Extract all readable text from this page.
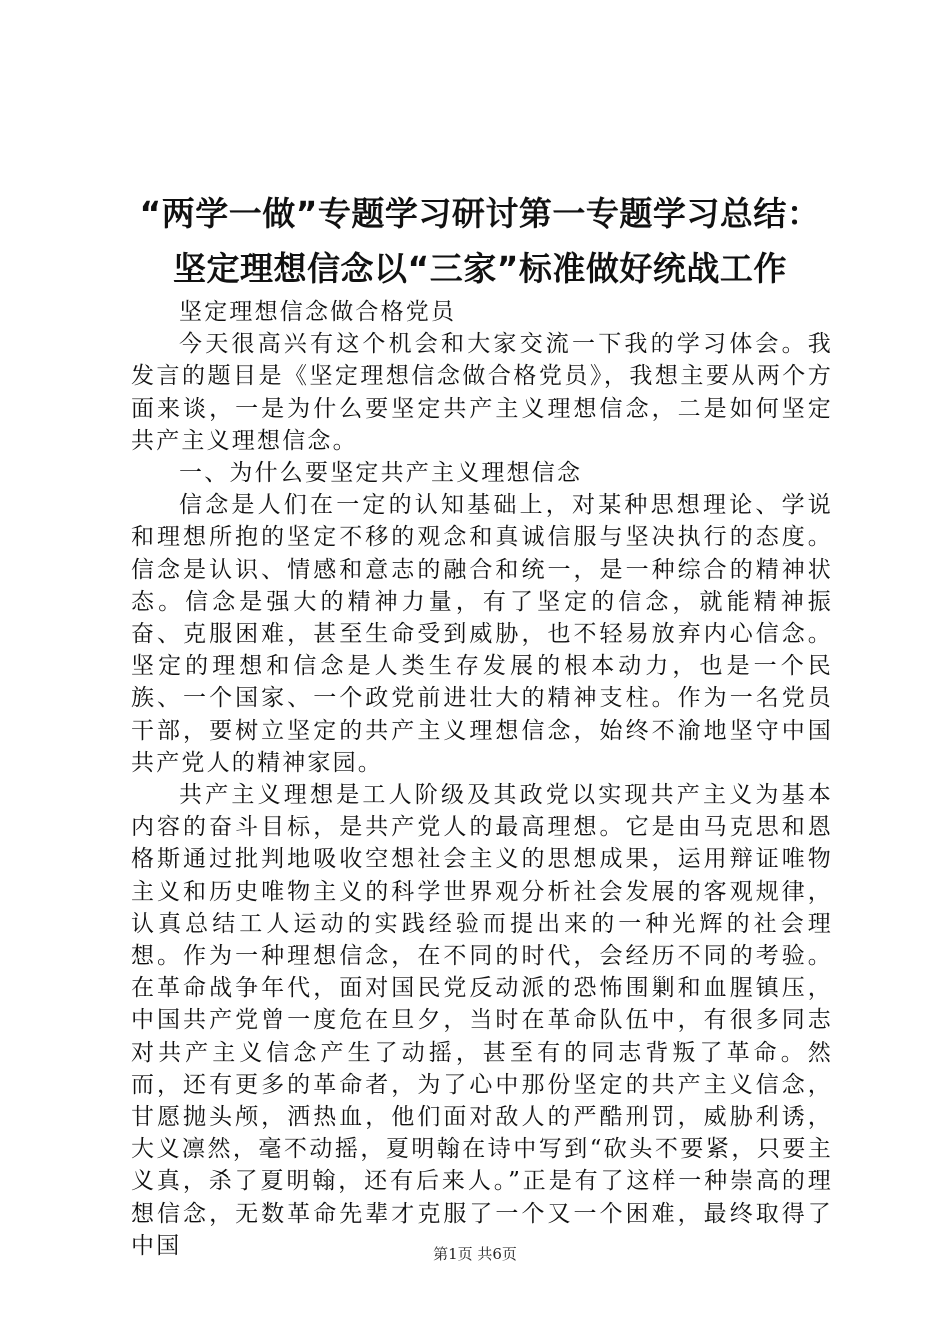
“两学一做”专题学习研讨第一专题学习总结：
坚定理想信念以“三家”标准做好统战工作

坚定理想信念做合格党员

今天很高兴有这个机会和大家交流一下我的学习体会。我发言的题目是《坚定理想信念做合格党员》，我想主要从两个方面来谈，一是为什么要坚定共产主义理想信念，二是如何坚定共产主义理想信念。

一、为什么要坚定共产主义理想信念

信念是人们在一定的认知基础上，对某种思想理论、学说和理想所抱的坚定不移的观念和真诚信服与坚决执行的态度。信念是认识、情感和意志的融合和统一，是一种综合的精神状态。信念是强大的精神力量，有了坚定的信念，就能精神振奋、克服困难，甚至生命受到威胁，也不轻易放弃内心信念。坚定的理想和信念是人类生存发展的根本动力，也是一个民族、一个国家、一个政党前进壮大的精神支柱。作为一名党员干部，要树立坚定的共产主义理想信念，始终不渝地坚守中国共产党人的精神家园。

共产主义理想是工人阶级及其政党以实现共产主义为基本内容的奋斗目标，是共产党人的最高理想。它是由马克思和恩格斯通过批判地吸收空想社会主义的思想成果，运用辩证唯物主义和历史唯物主义的科学世界观分析社会发展的客观规律，认真总结工人运动的实践经验而提出来的一种光辉的社会理想。作为一种理想信念，在不同的时代，会经历不同的考验。在革命战争年代，面对国民党反动派的恐怖围剿和血腥镇压，中国共产党曾一度危在旦夕，当时在革命队伍中，有很多同志对共产主义信念产生了动摇，甚至有的同志背叛了革命。然而，还有更多的革命者，为了心中那份坚定的共产主义信念，甘愿抛头颅，洒热血，他们面对敌人的严酷刑罚，威胁利诱，大义凛然，毫不动摇，夏明翰在诗中写到“砍头不要紧，只要主义真，杀了夏明翰，还有后来人。”正是有了这样一种崇高的理想信念，无数革命先辈才克服了一个又一个困难，最终取得了中国	第1页 共6页
